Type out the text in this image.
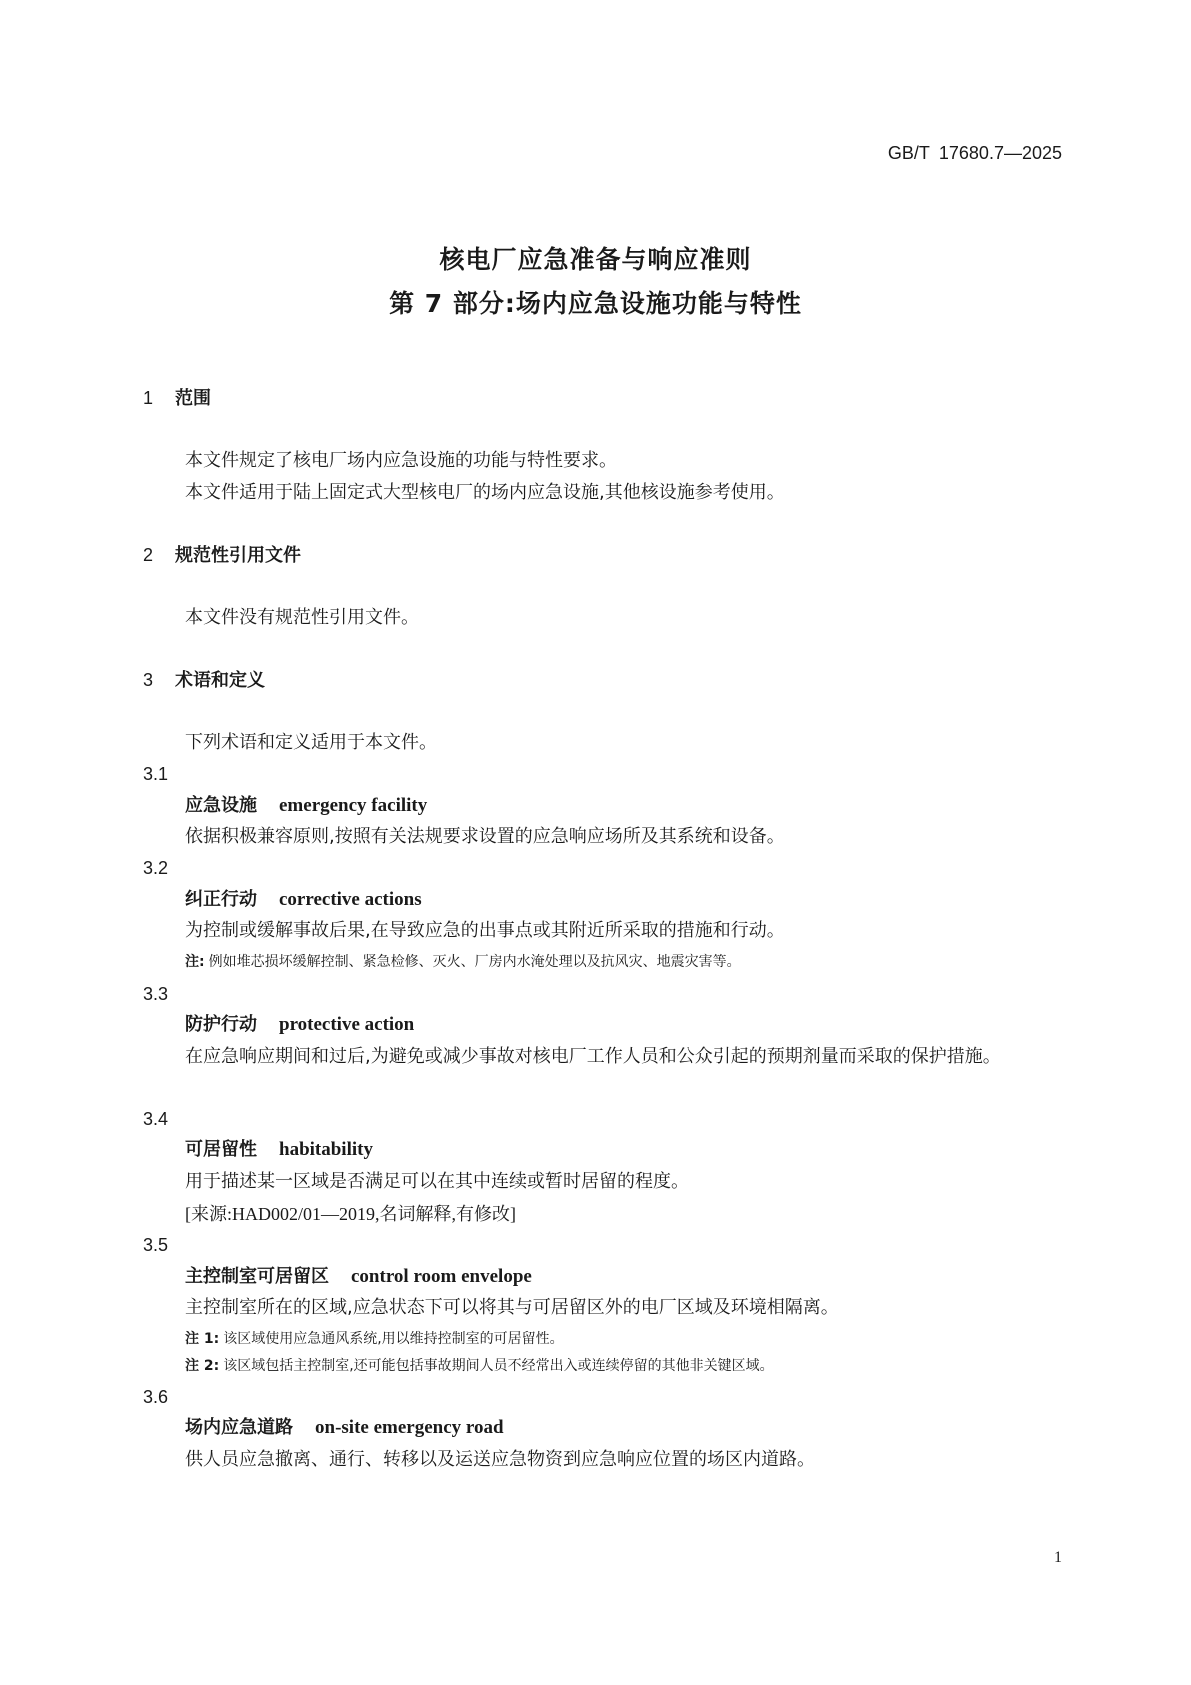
GB/T 17680.7—2025
核电厂应急准备与响应准则
第 7 部分:场内应急设施功能与特性
1 范围
本文件规定了核电厂场内应急设施的功能与特性要求。
本文件适用于陆上固定式大型核电厂的场内应急设施,其他核设施参考使用。
2 规范性引用文件
本文件没有规范性引用文件。
3 术语和定义
下列术语和定义适用于本文件。
3.1
应急设施 emergency facility
依据积极兼容原则,按照有关法规要求设置的应急响应场所及其系统和设备。
3.2
纠正行动 corrective actions
为控制或缓解事故后果,在导致应急的出事点或其附近所采取的措施和行动。
注: 例如堆芯损坏缓解控制、紧急检修、灭火、厂房内水淹处理以及抗风灾、地震灾害等。
3.3
防护行动 protective action
在应急响应期间和过后,为避免或减少事故对核电厂工作人员和公众引起的预期剂量而采取的保护措施。
3.4
可居留性 habitability
用于描述某一区域是否满足可以在其中连续或暂时居留的程度。
[来源:HAD002/01—2019,名词解释,有修改]
3.5
主控制室可居留区 control room envelope
主控制室所在的区域,应急状态下可以将其与可居留区外的电厂区域及环境相隔离。
注 1: 该区域使用应急通风系统,用以维持控制室的可居留性。
注 2: 该区域包括主控制室,还可能包括事故期间人员不经常出入或连续停留的其他非关键区域。
3.6
场内应急道路 on-site emergency road
供人员应急撤离、通行、转移以及运送应急物资到应急响应位置的场区内道路。
1
